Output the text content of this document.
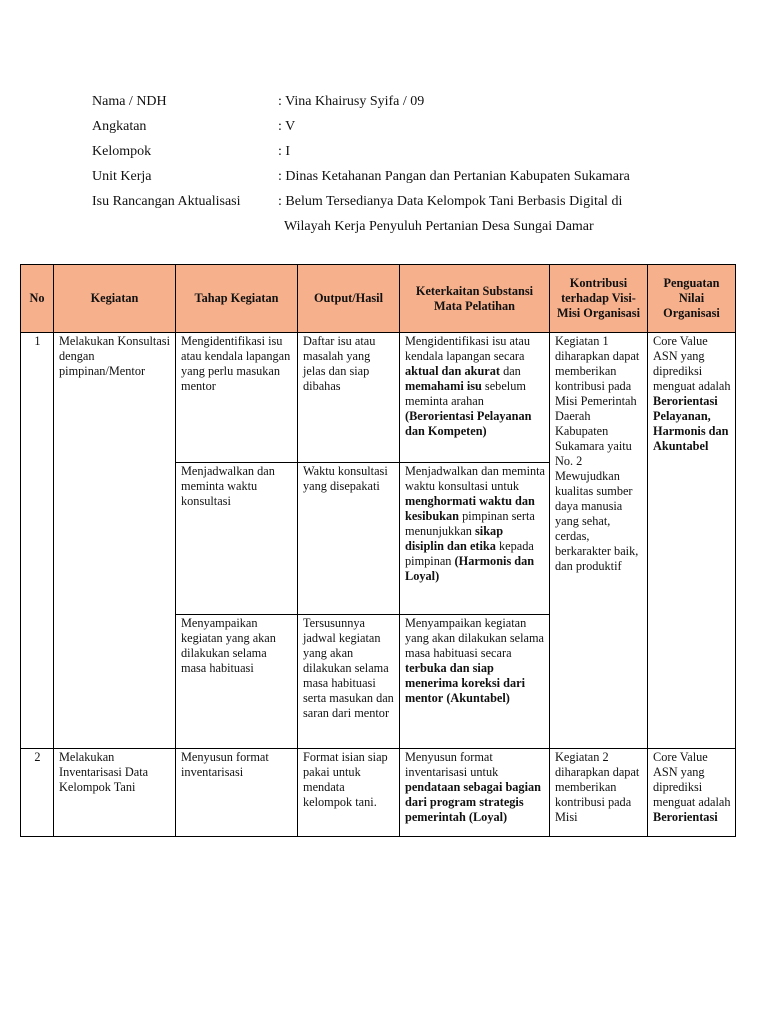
Nama / NDH	: Vina Khairusy Syifa / 09
Angkatan	: V
Kelompok	: I
Unit Kerja	: Dinas Ketahanan Pangan dan Pertanian Kabupaten Sukamara
Isu Rancangan Aktualisasi	: Belum Tersedianya Data Kelompok Tani Berbasis Digital di
Wilayah Kerja Penyuluh Pertanian Desa Sungai Damar
No	Kegiatan	Tahap Kegiatan	Output/Hasil	Keterkaitan Substansi Mata Pelatihan	Kontribusi terhadap Visi-Misi Organisasi	Penguatan Nilai Organisasi
1	Melakukan Konsultasi dengan pimpinan/Mentor	Mengidentifikasi isu atau kendala lapangan yang perlu masukan mentor	Daftar isu atau masalah yang jelas dan siap dibahas	Mengidentifikasi isu atau kendala lapangan secara aktual dan akurat dan memahami isu sebelum meminta arahan (Berorientasi Pelayanan dan Kompeten)	Kegiatan 1 diharapkan dapat memberikan kontribusi pada Misi Pemerintah Daerah Kabupaten Sukamara yaitu No. 2 Mewujudkan kualitas sumber daya manusia yang sehat, cerdas, berkarakter baik, dan produktif	Core Value ASN yang diprediksi menguat adalah Berorientasi Pelayanan, Harmonis dan Akuntabel
		Menjadwalkan dan meminta waktu konsultasi	Waktu konsultasi yang disepakati	Menjadwalkan dan meminta waktu konsultasi untuk menghormati waktu dan kesibukan pimpinan serta menunjukkan sikap disiplin dan etika kepada pimpinan (Harmonis dan Loyal)		
		Menyampaikan kegiatan yang akan dilakukan selama masa habituasi	Tersusunnya jadwal kegiatan yang akan dilakukan selama masa habituasi serta masukan dan saran dari mentor	Menyampaikan kegiatan yang akan dilakukan selama masa habituasi secara terbuka dan siap menerima koreksi dari mentor (Akuntabel)		
2	Melakukan Inventarisasi Data Kelompok Tani	Menyusun format inventarisasi	Format isian siap pakai untuk mendata kelompok tani.	Menyusun format inventarisasi untuk pendataan sebagai bagian dari program strategis pemerintah (Loyal)	Kegiatan 2 diharapkan dapat memberikan kontribusi pada Misi	Core Value ASN yang diprediksi menguat adalah Berorientasi
